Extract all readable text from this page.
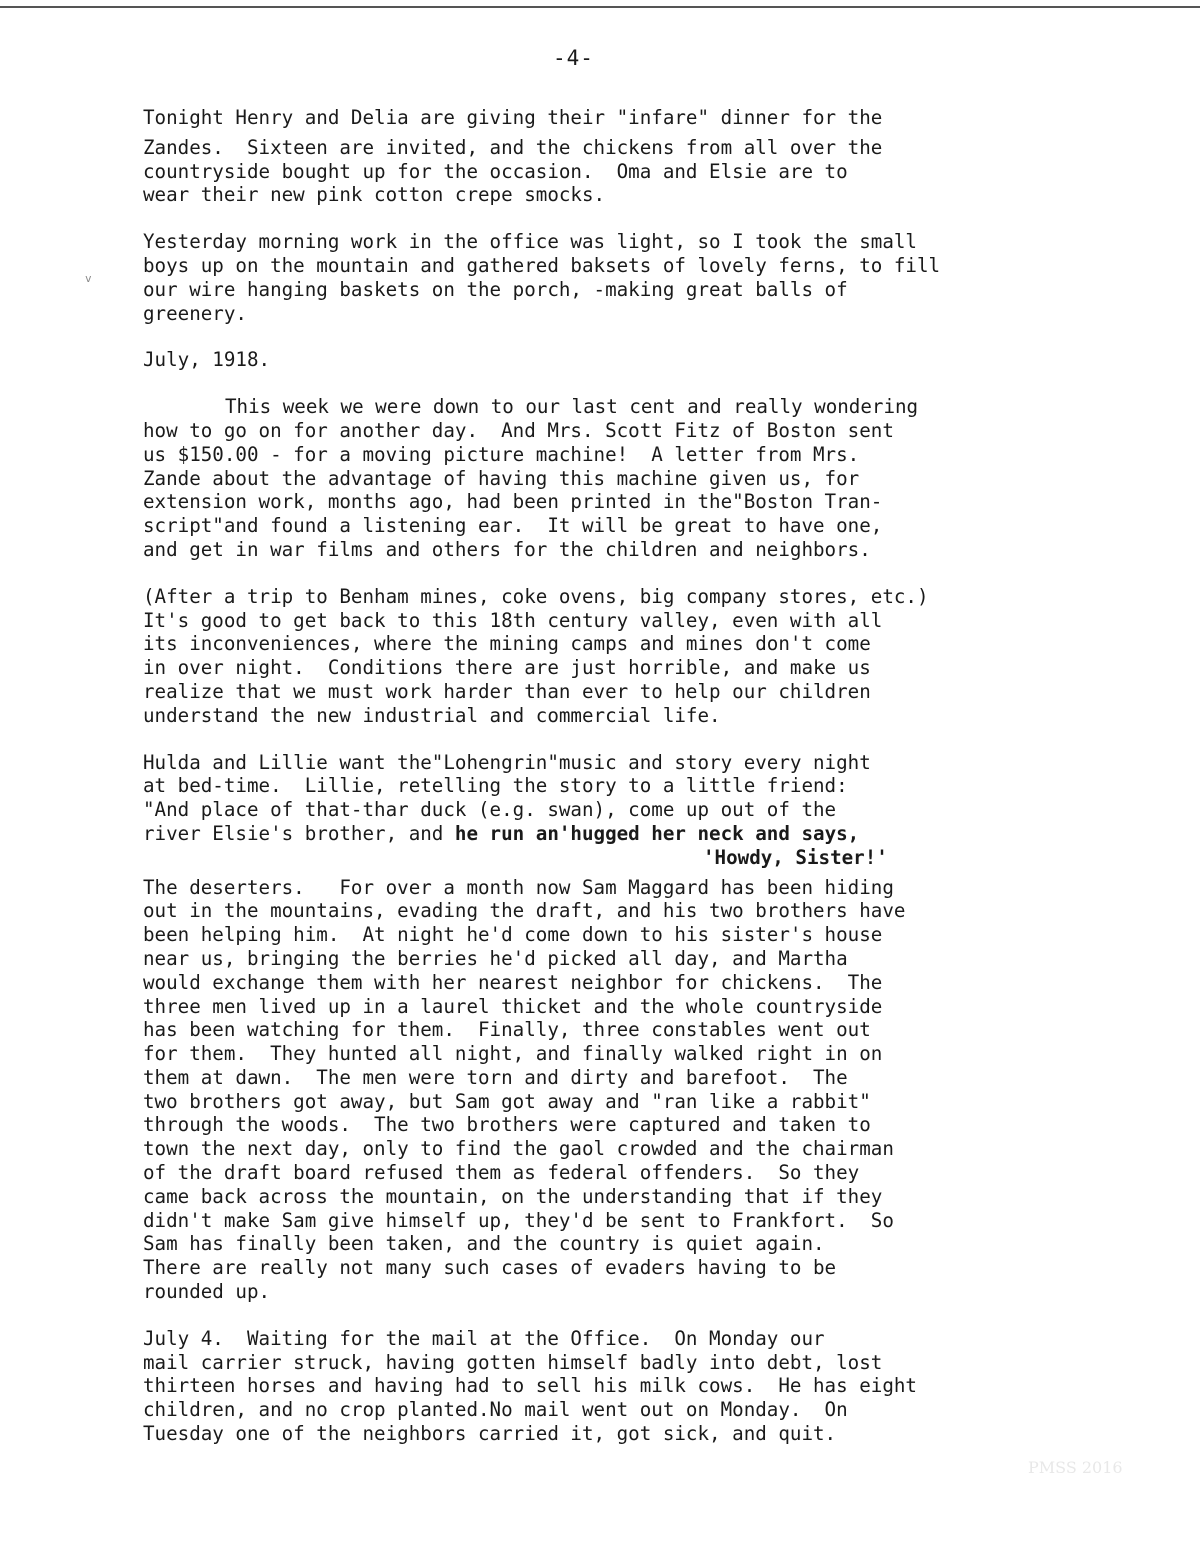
-4-
v
Tonight Henry and Delia are giving their "infare" dinner for the
Zandes.  Sixteen are invited, and the chickens from all over the
countryside bought up for the occasion.  Oma and Elsie are to
wear their new pink cotton crepe smocks.
Yesterday morning work in the office was light, so I took the small
boys up on the mountain and gathered baksets of lovely ferns, to fill
our wire hanging baskets on the porch, -making great balls of
greenery.
July, 1918.
This week we were down to our last cent and really wondering
how to go on for another day.  And Mrs. Scott Fitz of Boston sent
us $150.00 - for a moving picture machine!  A letter from Mrs.
Zande about the advantage of having this machine given us, for
extension work, months ago, had been printed in the"Boston Tran-
script"and found a listening ear.  It will be great to have one,
and get in war films and others for the children and neighbors.
(After a trip to Benham mines, coke ovens, big company stores, etc.)
It's good to get back to this 18th century valley, even with all
its inconveniences, where the mining camps and mines don't come
in over night.  Conditions there are just horrible, and make us
realize that we must work harder than ever to help our children
understand the new industrial and commercial life.
Hulda and Lillie want the"Lohengrin"music and story every night
at bed-time.  Lillie, retelling the story to a little friend:
"And place of that-thar duck (e.g. swan), come up out of the
river Elsie's brother, and he run an'hugged her neck and says,
'Howdy, Sister!'
The deserters.   For over a month now Sam Maggard has been hiding
out in the mountains, evading the draft, and his two brothers have
been helping him.  At night he'd come down to his sister's house
near us, bringing the berries he'd picked all day, and Martha
would exchange them with her nearest neighbor for chickens.  The
three men lived up in a laurel thicket and the whole countryside
has been watching for them.  Finally, three constables went out
for them.  They hunted all night, and finally walked right in on
them at dawn.  The men were torn and dirty and barefoot.  The
two brothers got away, but Sam got away and "ran like a rabbit"
through the woods.  The two brothers were captured and taken to
town the next day, only to find the gaol crowded and the chairman
of the draft board refused them as federal offenders.  So they
came back across the mountain, on the understanding that if they
didn't make Sam give himself up, they'd be sent to Frankfort.  So
Sam has finally been taken, and the country is quiet again.
There are really not many such cases of evaders having to be
rounded up.
July 4.  Waiting for the mail at the Office.  On Monday our
mail carrier struck, having gotten himself badly into debt, lost
thirteen horses and having had to sell his milk cows.  He has eight
children, and no crop planted.No mail went out on Monday.  On
Tuesday one of the neighbors carried it, got sick, and quit.
PMSS 2016
